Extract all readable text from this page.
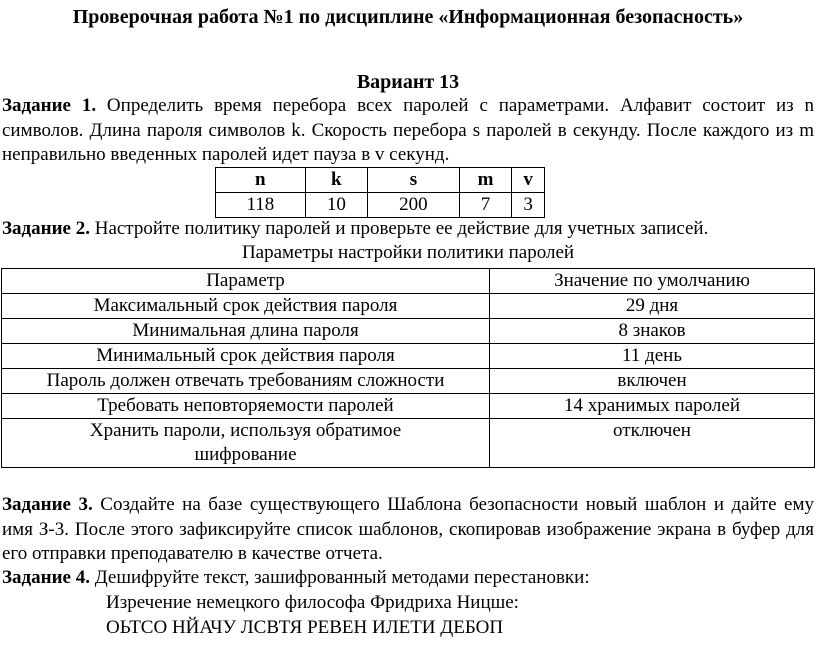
Проверочная работа №1 по дисциплине «Информационная безопасность»
Вариант 13
Задание 1. Определить время перебора всех паролей с параметрами. Алфавит состоит из n символов. Длина пароля символов k. Скорость перебора s паролей в секунду. После каждого из m неправильно введенных паролей идет пауза в v секунд.
n	k	s	m	v
118	10	200	7	3
Задание 2. Настройте политику паролей и проверьте ее действие для учетных записей.
Параметры настройки политики паролей
Параметр	Значение по умолчанию
Максимальный срок действия пароля	29 дня
Минимальная длина пароля	8 знаков
Минимальный срок действия пароля	11 день
Пароль должен отвечать требованиям сложности	включен
Требовать неповторяемости паролей	14 хранимых паролей
Хранить пароли, используя обратимое шифрование	отключен
Задание 3. Создайте на базе существующего Шаблона безопасности новый шаблон и дайте ему имя З-3. После этого зафиксируйте список шаблонов, скопировав изображение экрана в буфер для его отправки преподавателю в качестве отчета.
Задание 4. Дешифруйте текст, зашифрованный методами перестановки:
Изречение немецкого философа Фридриха Ницше:
ОЬТСО НЙАЧУ ЛСВТЯ РЕВЕН ИЛЕТИ ДЕБОП
